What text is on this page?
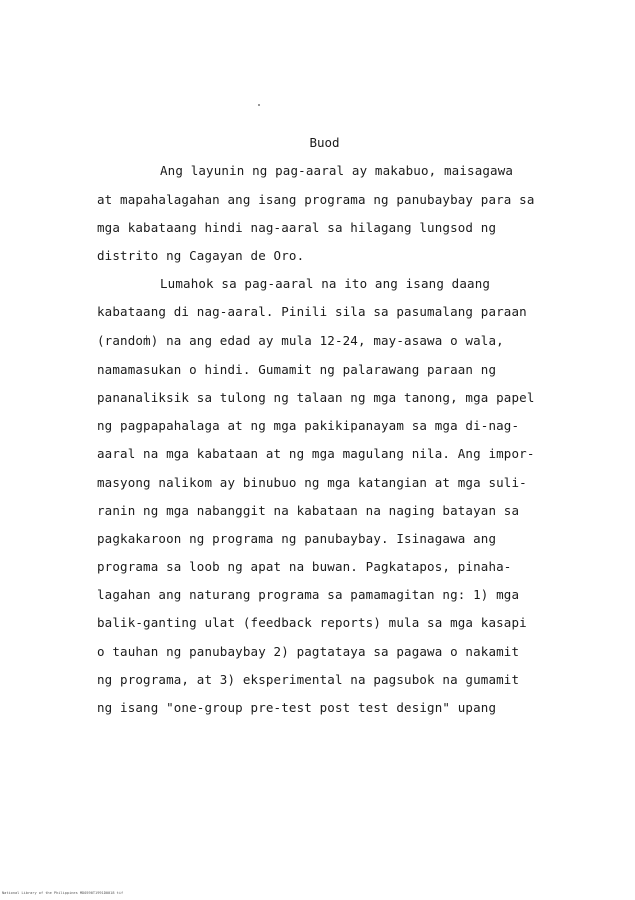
Buod
Ang layunin ng pag-aaral ay makabuo, maisagawa
at mapahalagahan ang isang programa ng panubaybay para sa
mga kabataang hindi nag-aaral sa hilagang lungsod ng
distrito ng Cagayan de Oro.
Lumahok sa pag-aaral na ito ang isang daang
kabataang di nag-aaral. Pinili sila sa pasumalang paraan
(random) na ang edad ay mula 12-24, may-asawa o wala,
namamasukan o hindi. Gumamit ng palarawang paraan ng
pananaliksik sa tulong ng talaan ng mga tanong, mga papel
ng pagpapahalaga at ng mga pakikipanayam sa mga di-nag-
aaral na mga kabataan at ng mga magulang nila. Ang impor-
masyong nalikom ay binubuo ng mga katangian at mga suli-
ranin ng mga nabanggit na kabataan na naging batayan sa
pagkakaroon ng programa ng panubaybay. Isinagawa ang
programa sa loob ng apat na buwan. Pagkatapos, pinaha-
lagahan ang naturang programa sa pamamagitan ng: 1) mga
balik-ganting ulat (feedback reports) mula sa mga kasapi
o tauhan ng panubaybay 2) pagtataya sa pagawa o nakamit
ng programa, at 3) eksperimental na pagsubok na gumamit
ng isang "one-group pre-test post test design" upang
National Library of the Philippines MD0590T1991D0018 tif
